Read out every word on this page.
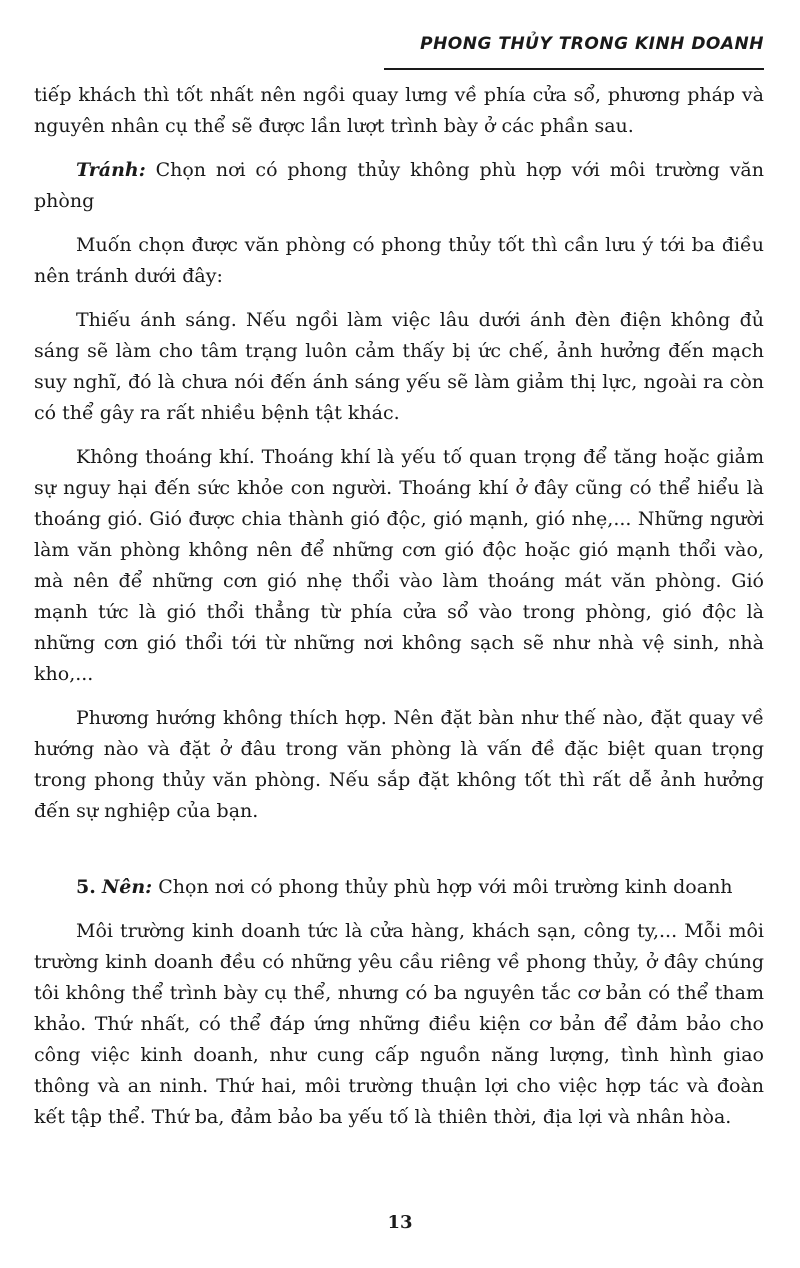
PHONG THỦY TRONG KINH DOANH

tiếp khách thì tốt nhất nên ngồi quay lưng về phía cửa sổ, phương pháp và nguyên nhân cụ thể sẽ được lần lượt trình bày ở các phần sau.

Tránh: Chọn nơi có phong thủy không phù hợp với môi trường văn phòng

Muốn chọn được văn phòng có phong thủy tốt thì cần lưu ý tới ba điều nên tránh dưới đây:

Thiếu ánh sáng. Nếu ngồi làm việc lâu dưới ánh đèn điện không đủ sáng sẽ làm cho tâm trạng luôn cảm thấy bị ức chế, ảnh hưởng đến mạch suy nghĩ, đó là chưa nói đến ánh sáng yếu sẽ làm giảm thị lực, ngoài ra còn có thể gây ra rất nhiều bệnh tật khác.

Không thoáng khí. Thoáng khí là yếu tố quan trọng để tăng hoặc giảm sự nguy hại đến sức khỏe con người. Thoáng khí ở đây cũng có thể hiểu là thoáng gió. Gió được chia thành gió độc, gió mạnh, gió nhẹ,... Những người làm văn phòng không nên để những cơn gió độc hoặc gió mạnh thổi vào, mà nên để những cơn gió nhẹ thổi vào làm thoáng mát văn phòng. Gió mạnh tức là gió thổi thẳng từ phía cửa sổ vào trong phòng, gió độc là những cơn gió thổi tới từ những nơi không sạch sẽ như nhà vệ sinh, nhà kho,...

Phương hướng không thích hợp. Nên đặt bàn như thế nào, đặt quay về hướng nào và đặt ở đâu trong văn phòng là vấn đề đặc biệt quan trọng trong phong thủy văn phòng. Nếu sắp đặt không tốt thì rất dễ ảnh hưởng đến sự nghiệp của bạn.

5. Nên: Chọn nơi có phong thủy phù hợp với môi trường kinh doanh

Môi trường kinh doanh tức là cửa hàng, khách sạn, công ty,... Mỗi môi trường kinh doanh đều có những yêu cầu riêng về phong thủy, ở đây chúng tôi không thể trình bày cụ thể, nhưng có ba nguyên tắc cơ bản có thể tham khảo. Thứ nhất, có thể đáp ứng những điều kiện cơ bản để đảm bảo cho công việc kinh doanh, như cung cấp nguồn năng lượng, tình hình giao thông và an ninh. Thứ hai, môi trường thuận lợi cho việc hợp tác và đoàn kết tập thể. Thứ ba, đảm bảo ba yếu tố là thiên thời, địa lợi và nhân hòa.

13
